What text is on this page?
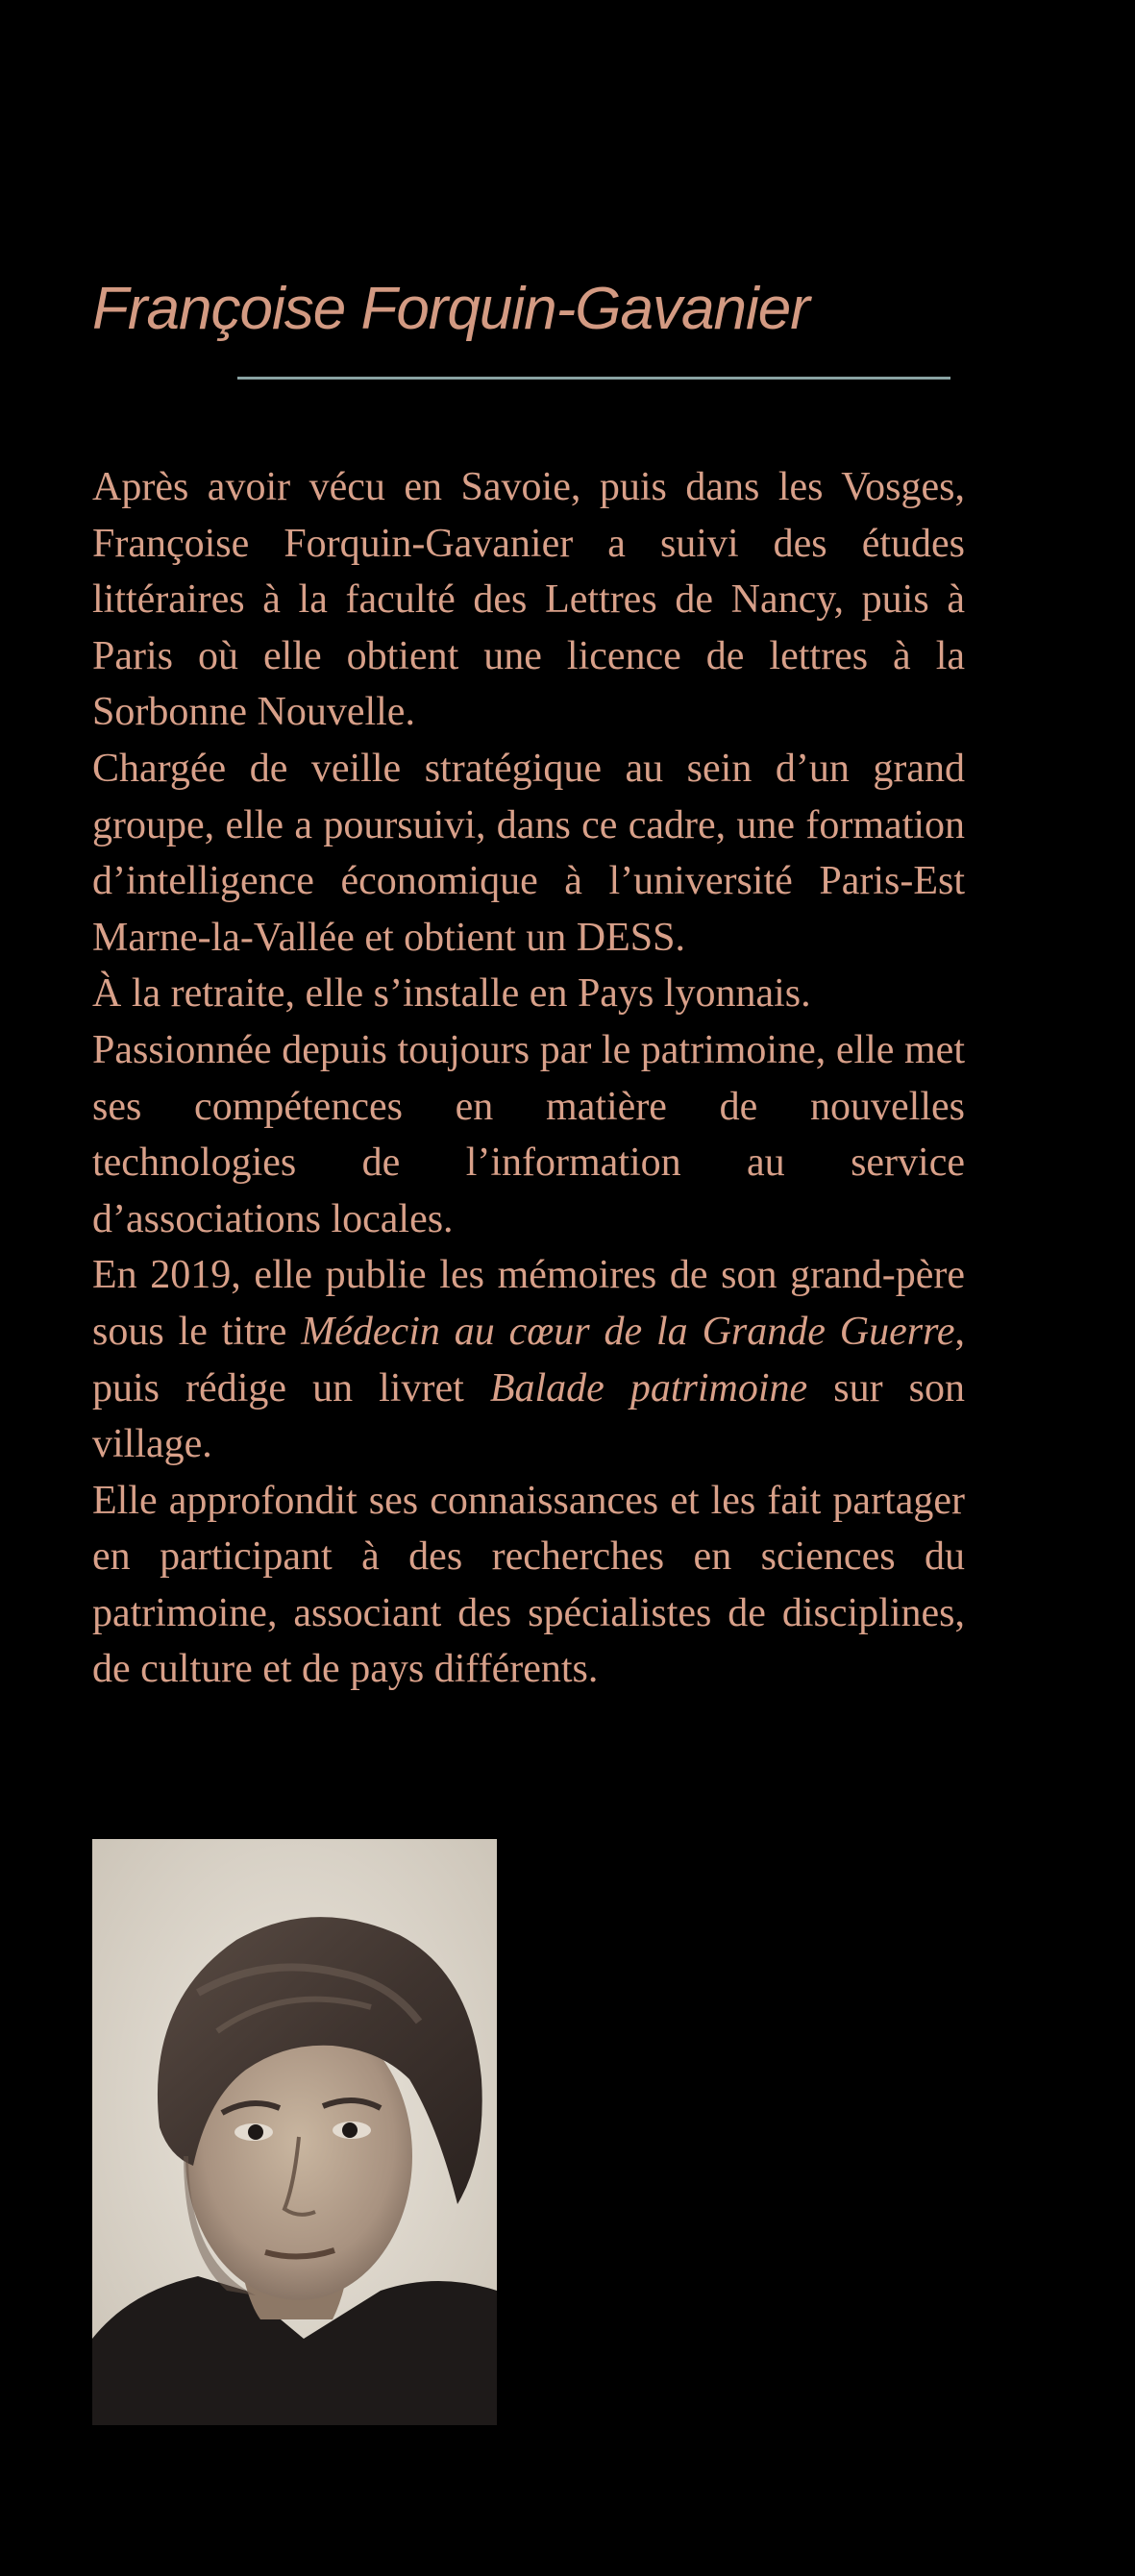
Françoise Forquin-Gavanier

Après avoir vécu en Savoie, puis dans les Vosges, Françoise Forquin-Gavanier a suivi des études littéraires à la faculté des Lettres de Nancy, puis à Paris où elle obtient une licence de lettres à la Sorbonne Nouvelle.

Chargée de veille stratégique au sein d’un grand groupe, elle a poursuivi, dans ce cadre, une formation d’intelligence économique à l’université Paris-Est Marne-la-Vallée et obtient un DESS.

À la retraite, elle s’installe en Pays lyonnais.

Passionnée depuis toujours par le patrimoine, elle met ses compétences en matière de nouvelles technologies de l’information au service d’associations locales.

En 2019, elle publie les mémoires de son grand-père sous le titre Médecin au cœur de la Grande Guerre, puis rédige un livret Balade patrimoine sur son village.

Elle approfondit ses connaissances et les fait partager en participant à des recherches en sciences du patrimoine, associant des spécialistes de disciplines, de culture et de pays différents.
